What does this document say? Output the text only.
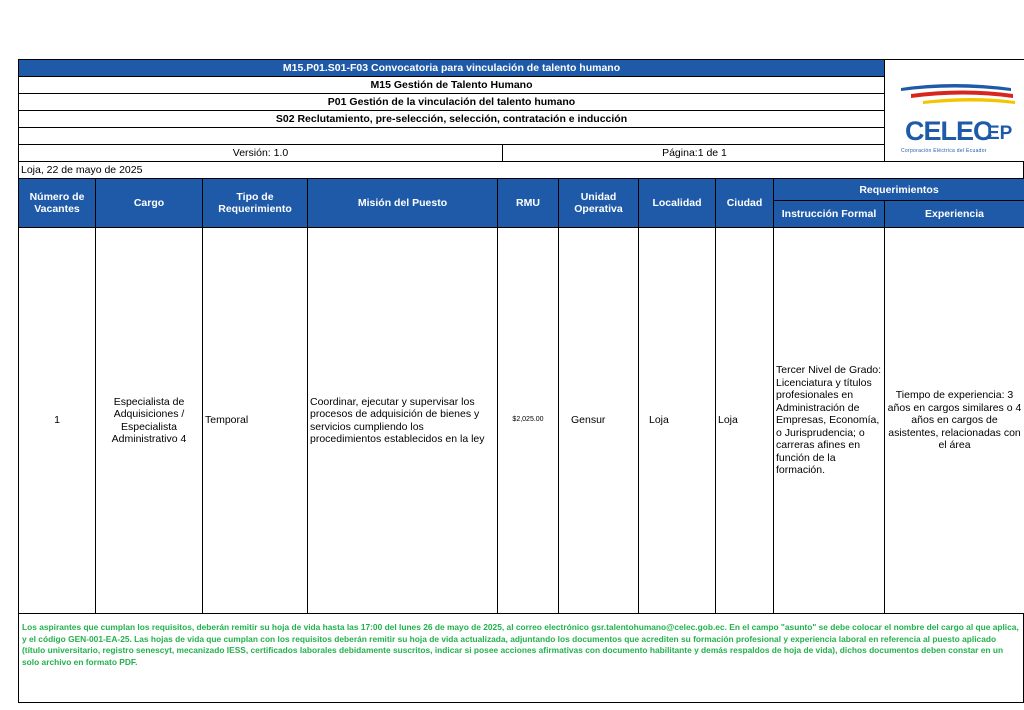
M15.P01.S01-F03 Convocatoria para vinculación de talento humano
M15 Gestión de Talento Humano
P01 Gestión de la vinculación del talento humano
S02 Reclutamiento, pre-selección, selección, contratación e inducción
Versión: 1.0	Página:1 de 1
CELEC
EP
Corporación Eléctrica del Ecuador
Loja, 22 de mayo de 2025
Número de Vacantes	Cargo	Tipo de Requerimiento	Misión del Puesto	RMU	Unidad Operativa	Localidad	Ciudad	Requerimientos	
								Instrucción Formal	Experiencia
1	Especialista de Adquisiciones / Especialista Administrativo 4	Temporal	Coordinar, ejecutar y supervisar los procesos de adquisición de bienes y servicios cumpliendo los procedimientos establecidos en la ley	$2,025.00	Gensur	Loja	Loja	Tercer Nivel de Grado: Licenciatura y títulos profesionales en Administración de Empresas, Economía, o Jurisprudencia; o carreras afines en función de la formación.	Tiempo de experiencia: 3 años en cargos similares o 4 años en cargos de asistentes, relacionadas con el área
Los aspirantes que cumplan los requisitos, deberán remitir su hoja de vida hasta las 17:00 del lunes 26 de mayo de 2025, al correo electrónico gsr.talentohumano@celec.gob.ec. En el campo "asunto" se debe colocar el nombre del cargo al que aplica, y el código GEN-001-EA-25. Las hojas de vida que cumplan con los requisitos deberán remitir su hoja de vida actualizada, adjuntando los documentos que acrediten su formación profesional y experiencia laboral en referencia al puesto aplicado (título universitario, registro senescyt, mecanizado IESS, certificados laborales debidamente suscritos, indicar si posee acciones afirmativas con documento habilitante y demás respaldos de hoja de vida), dichos documentos deben constar en un solo archivo en formato PDF.
